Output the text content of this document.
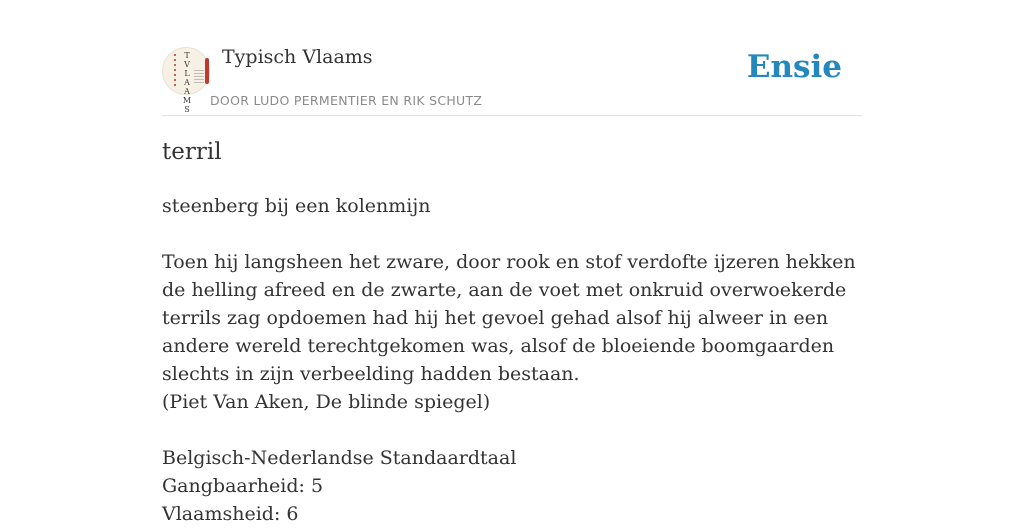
T
V
L
A
A
M
S
Typisch Vlaams
DOOR LUDO PERMENTIER EN RIK SCHUTZ
Ensie
terril

steenberg bij een kolenmijn

Toen hij langsheen het zware, door rook en stof verdofte ijzeren hekken de helling afreed en de zwarte, aan de voet met onkruid overwoekerde terrils zag opdoemen had hij het gevoel gehad alsof hij alweer in een andere wereld terechtgekomen was, alsof de bloeiende boomgaarden slechts in zijn verbeelding hadden bestaan.

(Piet Van Aken, De blinde spiegel)

Belgisch-Nederlandse Standaardtaal

Gangbaarheid: 5

Vlaamsheid: 6
